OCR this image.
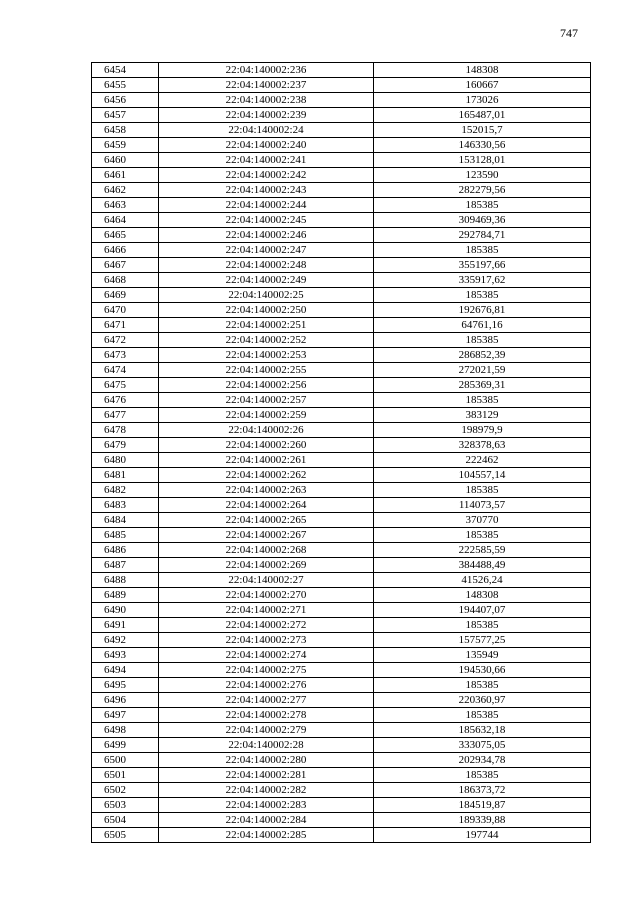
747
6454	22:04:140002:236	148308
6455	22:04:140002:237	160667
6456	22:04:140002:238	173026
6457	22:04:140002:239	165487,01
6458	22:04:140002:24	152015,7
6459	22:04:140002:240	146330,56
6460	22:04:140002:241	153128,01
6461	22:04:140002:242	123590
6462	22:04:140002:243	282279,56
6463	22:04:140002:244	185385
6464	22:04:140002:245	309469,36
6465	22:04:140002:246	292784,71
6466	22:04:140002:247	185385
6467	22:04:140002:248	355197,66
6468	22:04:140002:249	335917,62
6469	22:04:140002:25	185385
6470	22:04:140002:250	192676,81
6471	22:04:140002:251	64761,16
6472	22:04:140002:252	185385
6473	22:04:140002:253	286852,39
6474	22:04:140002:255	272021,59
6475	22:04:140002:256	285369,31
6476	22:04:140002:257	185385
6477	22:04:140002:259	383129
6478	22:04:140002:26	198979,9
6479	22:04:140002:260	328378,63
6480	22:04:140002:261	222462
6481	22:04:140002:262	104557,14
6482	22:04:140002:263	185385
6483	22:04:140002:264	114073,57
6484	22:04:140002:265	370770
6485	22:04:140002:267	185385
6486	22:04:140002:268	222585,59
6487	22:04:140002:269	384488,49
6488	22:04:140002:27	41526,24
6489	22:04:140002:270	148308
6490	22:04:140002:271	194407,07
6491	22:04:140002:272	185385
6492	22:04:140002:273	157577,25
6493	22:04:140002:274	135949
6494	22:04:140002:275	194530,66
6495	22:04:140002:276	185385
6496	22:04:140002:277	220360,97
6497	22:04:140002:278	185385
6498	22:04:140002:279	185632,18
6499	22:04:140002:28	333075,05
6500	22:04:140002:280	202934,78
6501	22:04:140002:281	185385
6502	22:04:140002:282	186373,72
6503	22:04:140002:283	184519,87
6504	22:04:140002:284	189339,88
6505	22:04:140002:285	197744
